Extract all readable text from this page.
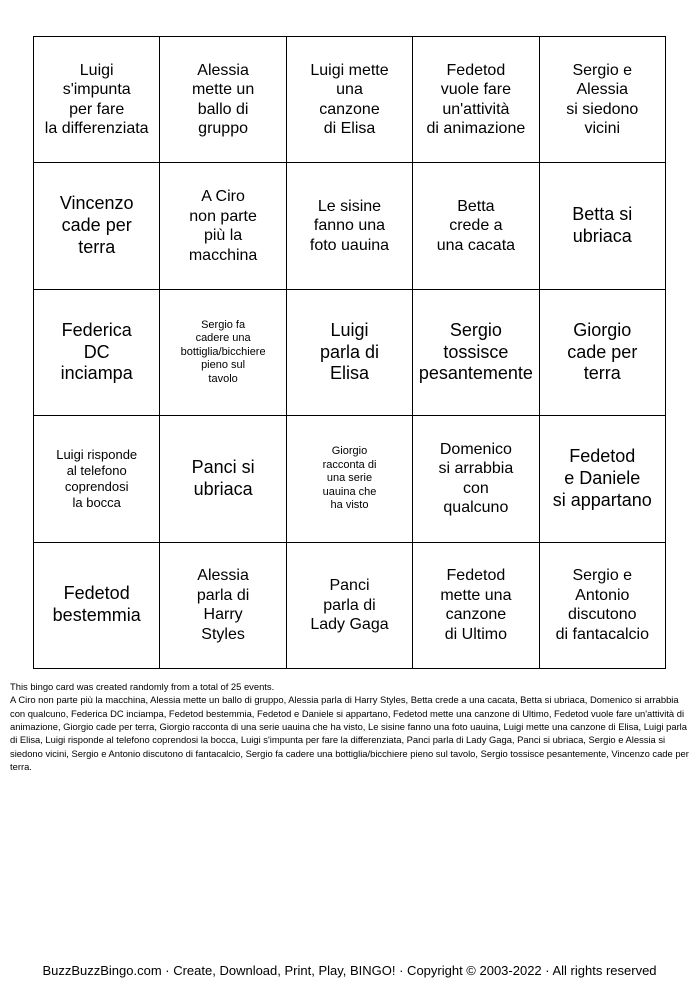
Luigi
s'impunta
per fare
la differenziata
Alessia
mette un
ballo di
gruppo
Luigi mette
una
canzone
di Elisa
Fedetod
vuole fare
un'attività
di animazione
Sergio e
Alessia
si siedono
vicini
Vincenzo
cade per
terra
A Ciro
non parte
più la
macchina
Le sisine
fanno una
foto uauina
Betta
crede a
una cacata
Betta si
ubriaca
Federica
DC
inciampa
Sergio fa
cadere una
bottiglia/bicchiere
pieno sul
tavolo
Luigi
parla di
Elisa
Sergio
tossisce
pesantemente
Giorgio
cade per
terra
Luigi risponde
al telefono
coprendosi
la bocca
Panci si
ubriaca
Giorgio
racconta di
una serie
uauina che
ha visto
Domenico
si arrabbia
con
qualcuno
Fedetod
e Daniele
si appartano
Fedetod
bestemmia
Alessia
parla di
Harry
Styles
Panci
parla di
Lady Gaga
Fedetod
mette una
canzone
di Ultimo
Sergio e
Antonio
discutono
di fantacalcio

This bingo card was created randomly from a total of 25 events.

A Ciro non parte più la macchina, Alessia mette un ballo di gruppo, Alessia parla di Harry Styles, Betta crede a una cacata, Betta si ubriaca, Domenico si arrabbia con qualcuno, Federica DC inciampa, Fedetod bestemmia, Fedetod e Daniele si appartano, Fedetod mette una canzone di Ultimo, Fedetod vuole fare un'attività di animazione, Giorgio cade per terra, Giorgio racconta di una serie uauina che ha visto, Le sisine fanno una foto uauina, Luigi mette una canzone di Elisa, Luigi parla di Elisa, Luigi risponde al telefono coprendosi la bocca, Luigi s'impunta per fare la differenziata, Panci parla di Lady Gaga, Panci si ubriaca, Sergio e Alessia si siedono vicini, Sergio e Antonio discutono di fantacalcio, Sergio fa cadere una bottiglia/bicchiere pieno sul tavolo, Sergio tossisce pesantemente, Vincenzo cade per terra.

BuzzBuzzBingo.com · Create, Download, Print, Play, BINGO! · Copyright © 2003-2022 · All rights reserved
